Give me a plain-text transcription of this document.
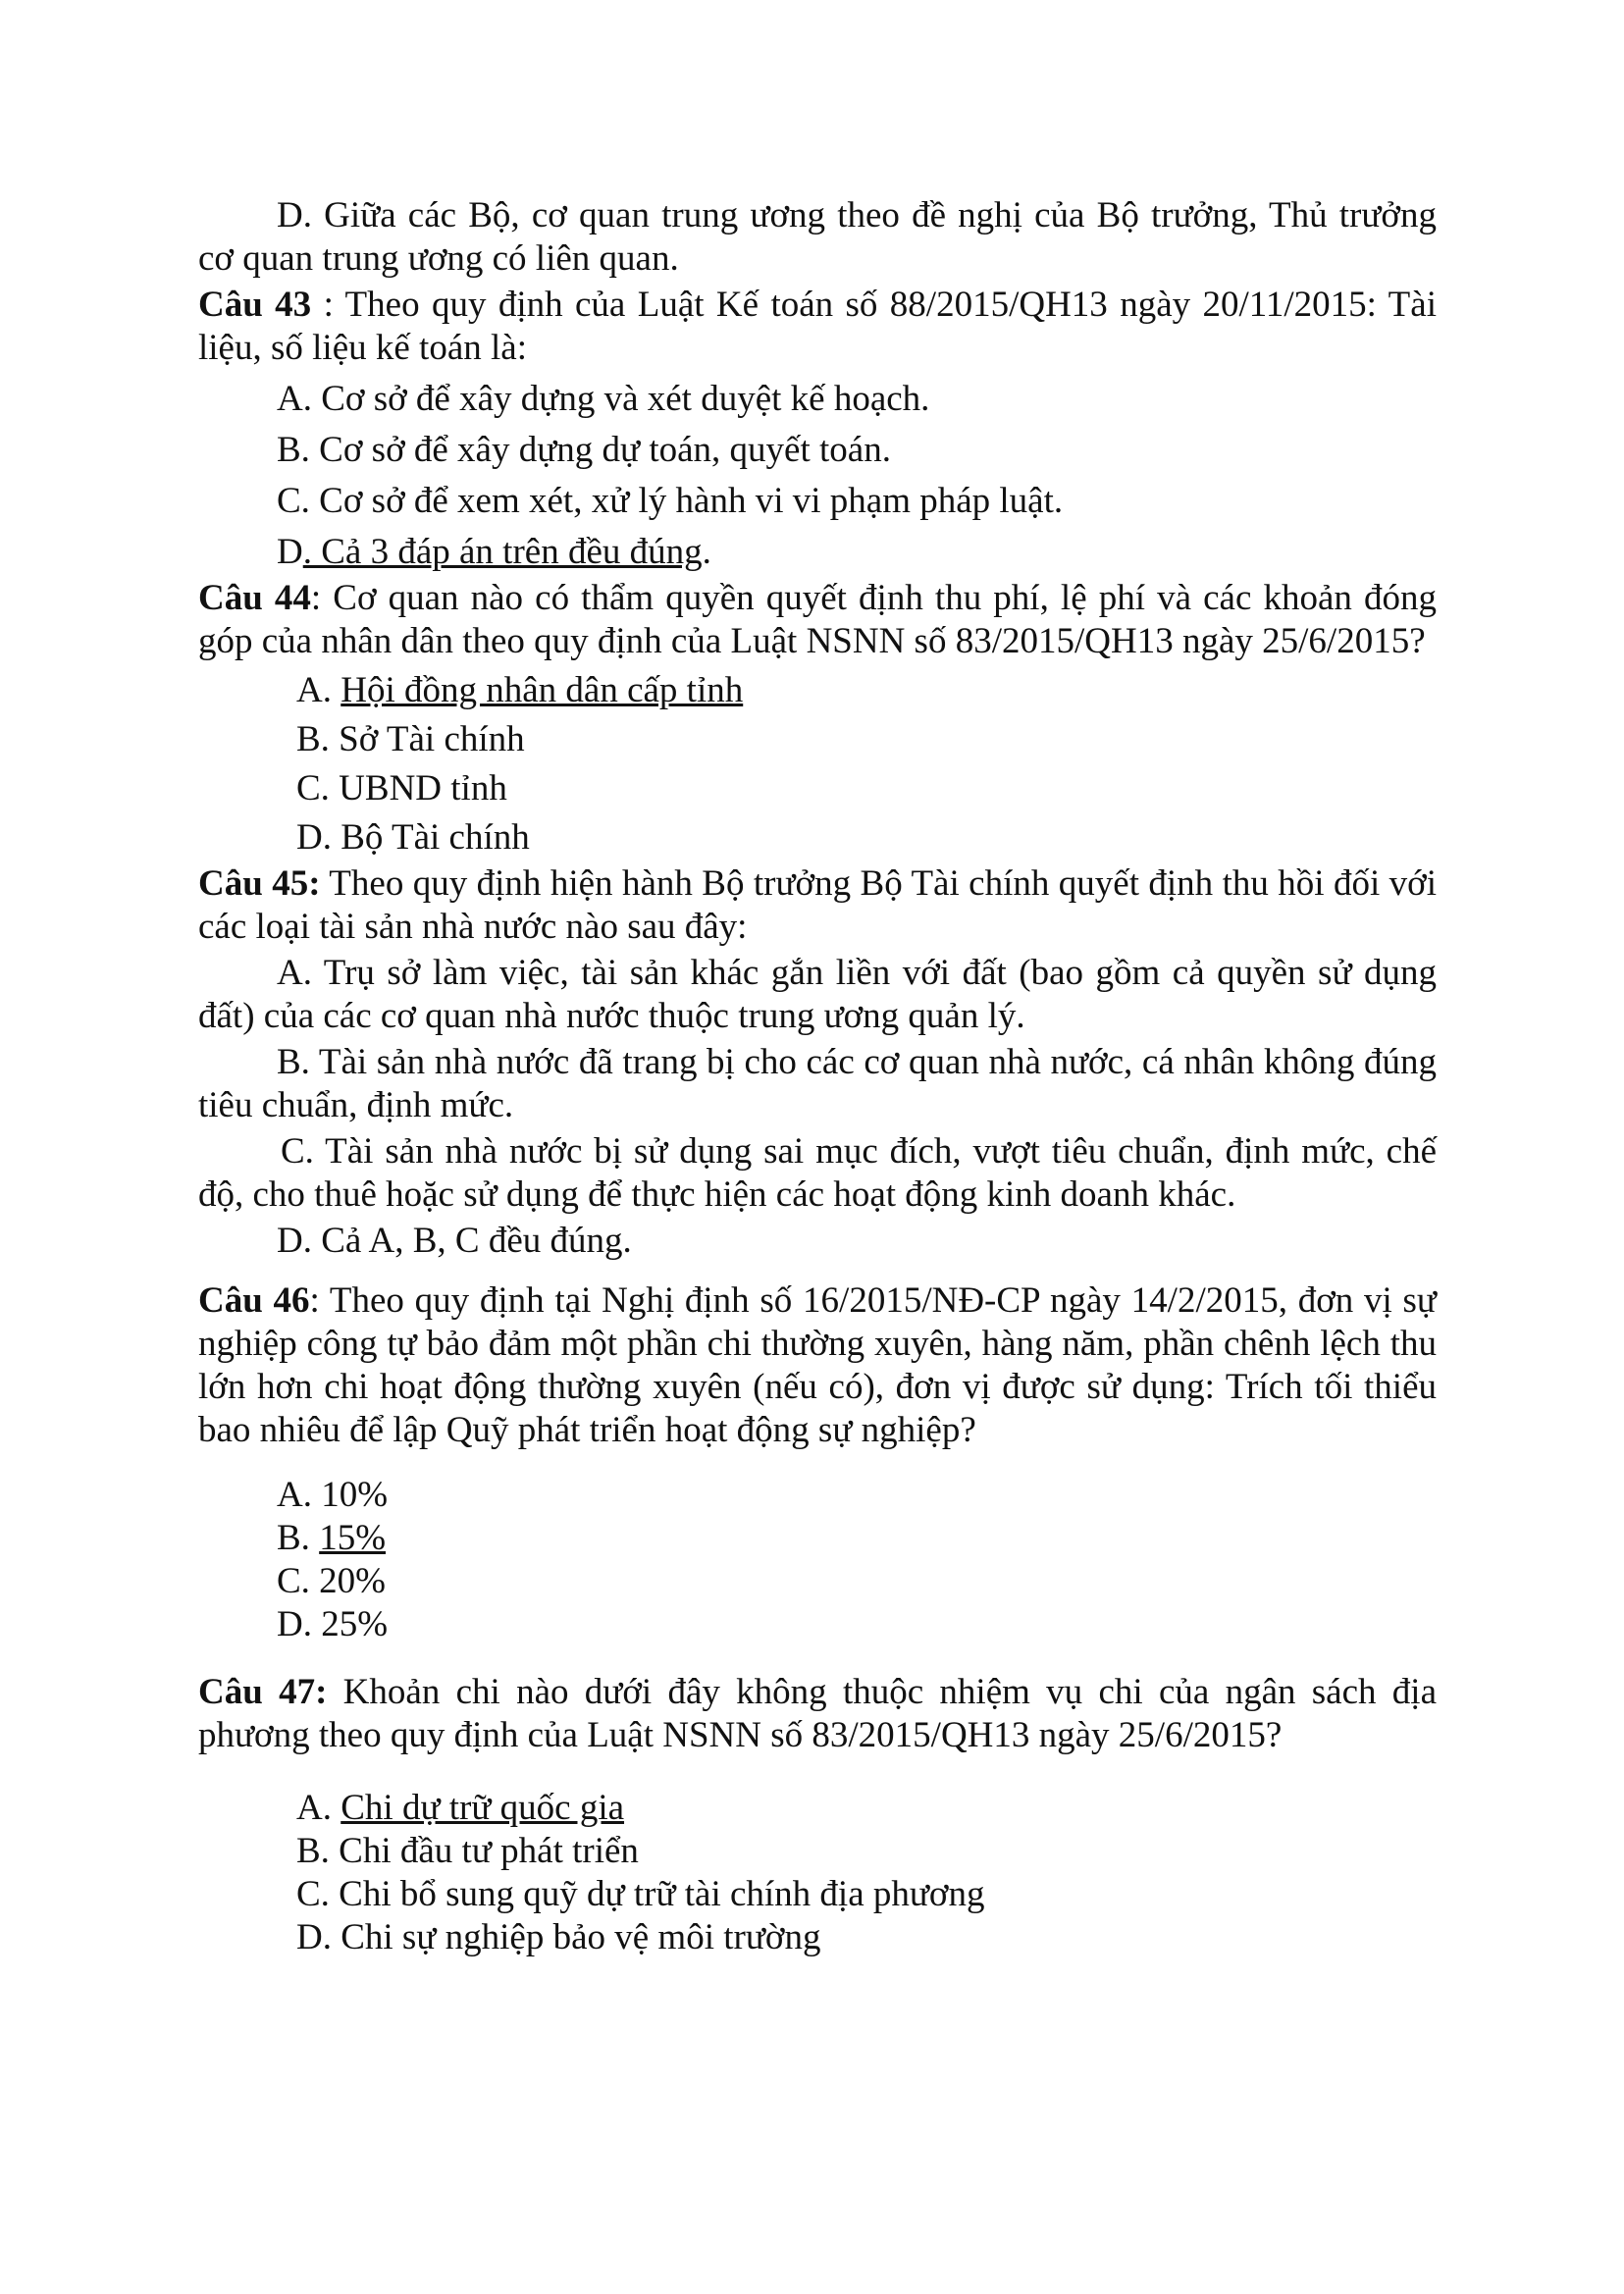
D. Giữa các Bộ, cơ quan trung ương theo đề nghị của Bộ trưởng, Thủ trưởng cơ quan trung ương có liên quan.

Câu 43 : Theo quy định của Luật Kế toán số 88/2015/QH13 ngày 20/11/2015: Tài liệu, số liệu kế toán là:

A. Cơ sở để xây dựng và xét duyệt kế hoạch.

B. Cơ sở để xây dựng dự toán, quyết toán.

C. Cơ sở để xem xét, xử lý hành vi vi phạm pháp luật.

D. Cả 3 đáp án trên đều đúng.

Câu 44: Cơ quan nào có thẩm quyền quyết định thu phí, lệ phí và các khoản đóng góp của nhân dân theo quy định của Luật NSNN số 83/2015/QH13 ngày 25/6/2015?

A. Hội đồng nhân dân cấp tỉnh

B. Sở Tài chính

C. UBND tỉnh

D. Bộ Tài chính

Câu 45: Theo quy định hiện hành Bộ trưởng Bộ Tài chính quyết định thu hồi đối với các loại tài sản nhà nước nào sau đây:

A. Trụ sở làm việc, tài sản khác gắn liền với đất (bao gồm cả quyền sử dụng đất) của các cơ quan nhà nước thuộc trung ương quản lý.

B. Tài sản nhà nước đã trang bị cho các cơ quan nhà nước, cá nhân không đúng tiêu chuẩn, định mức.

C. Tài sản nhà nước bị sử dụng sai mục đích, vượt tiêu chuẩn, định mức, chế độ, cho thuê hoặc sử dụng để thực hiện các hoạt động kinh doanh khác.

D. Cả A, B, C đều đúng.

Câu 46: Theo quy định tại Nghị định số 16/2015/NĐ-CP ngày 14/2/2015, đơn vị sự nghiệp công tự bảo đảm một phần chi thường xuyên, hàng năm, phần chênh lệch thu lớn hơn chi hoạt động thường xuyên (nếu có), đơn vị được sử dụng: Trích tối thiểu bao nhiêu để lập Quỹ phát triển hoạt động sự nghiệp?

A. 10%

B. 15%

C. 20%

D. 25%

Câu 47: Khoản chi nào dưới đây không thuộc nhiệm vụ chi của ngân sách địa phương theo quy định của Luật NSNN số 83/2015/QH13 ngày 25/6/2015?

A. Chi dự trữ quốc gia

B. Chi đầu tư phát triển

C. Chi bổ sung quỹ dự trữ tài chính địa phương

D. Chi sự nghiệp bảo vệ môi trường
